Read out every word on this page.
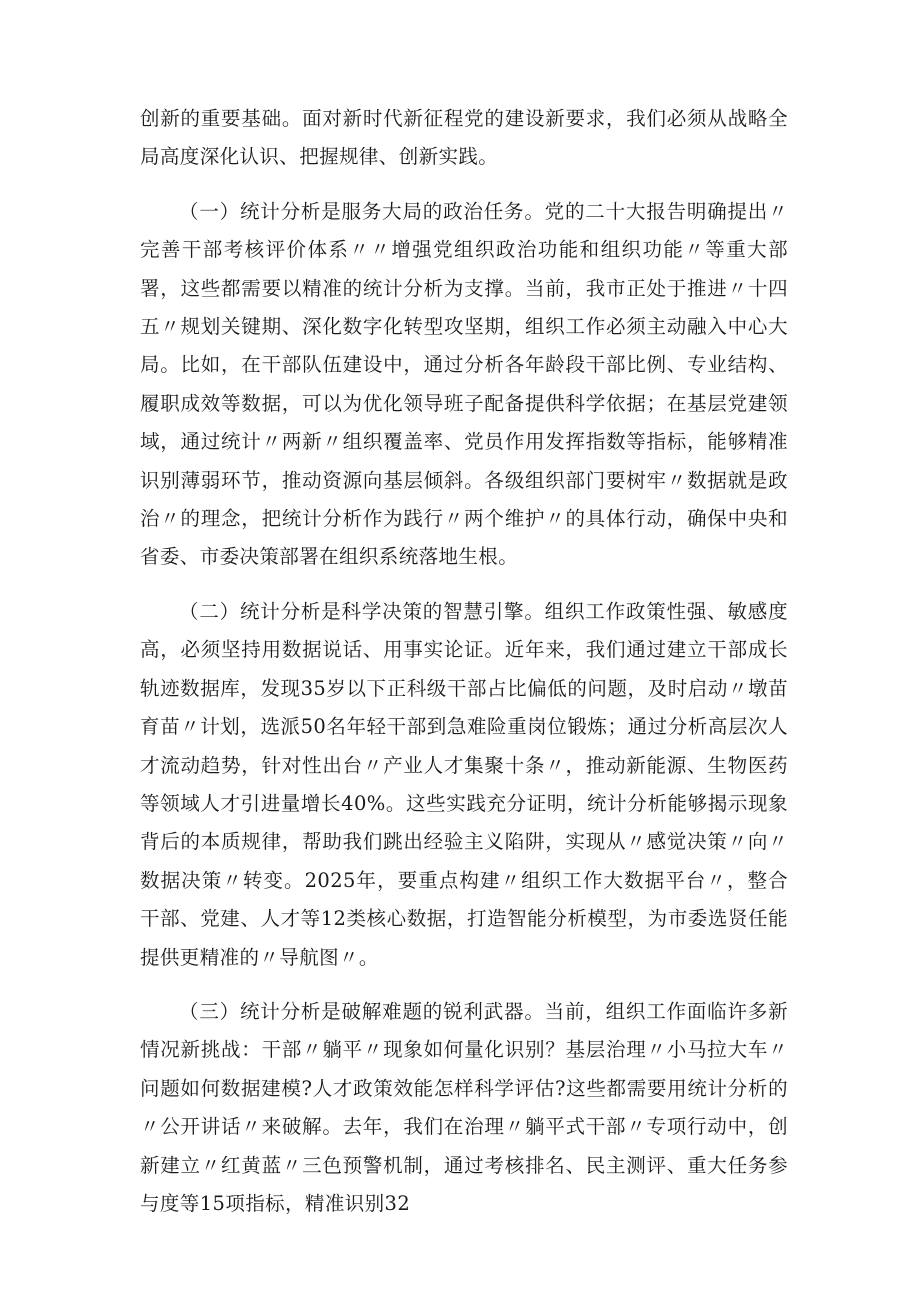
创新的重要基础。面对新时代新征程党的建设新要求，我们必须从战略全局高度深化认识、把握规律、创新实践。

（一）统计分析是服务大局的政治任务。党的二十大报告明确提出〃完善干部考核评价体系〃〃增强党组织政治功能和组织功能〃等重大部署，这些都需要以精准的统计分析为支撑。当前，我市正处于推进〃十四五〃规划关键期、深化数字化转型攻坚期，组织工作必须主动融入中心大局。比如，在干部队伍建设中，通过分析各年龄段干部比例、专业结构、履职成效等数据，可以为优化领导班子配备提供科学依据；在基层党建领域，通过统计〃两新〃组织覆盖率、党员作用发挥指数等指标，能够精准识别薄弱环节，推动资源向基层倾斜。各级组织部门要树牢〃数据就是政治〃的理念，把统计分析作为践行〃两个维护〃的具体行动，确保中央和省委、市委决策部署在组织系统落地生根。

（二）统计分析是科学决策的智慧引擎。组织工作政策性强、敏感度高，必须坚持用数据说话、用事实论证。近年来，我们通过建立干部成长轨迹数据库，发现35岁以下正科级干部占比偏低的问题，及时启动〃墩苗育苗〃计划，选派50名年轻干部到急难险重岗位锻炼；通过分析高层次人才流动趋势，针对性出台〃产业人才集聚十条〃，推动新能源、生物医药等领域人才引进量增长40%。这些实践充分证明，统计分析能够揭示现象背后的本质规律，帮助我们跳出经验主义陷阱，实现从〃感觉决策〃向〃数据决策〃转变。2025年，要重点构建〃组织工作大数据平台〃，整合干部、党建、人才等12类核心数据，打造智能分析模型，为市委选贤任能提供更精准的〃导航图〃。

（三）统计分析是破解难题的锐利武器。当前，组织工作面临许多新情况新挑战：干部〃躺平〃现象如何量化识别？基层治理〃小马拉大车〃问题如何数据建模?人才政策效能怎样科学评估?这些都需要用统计分析的〃公开讲话〃来破解。去年，我们在治理〃躺平式干部〃专项行动中，创新建立〃红黄蓝〃三色预警机制，通过考核排名、民主测评、重大任务参与度等15项指标，精准识别32
